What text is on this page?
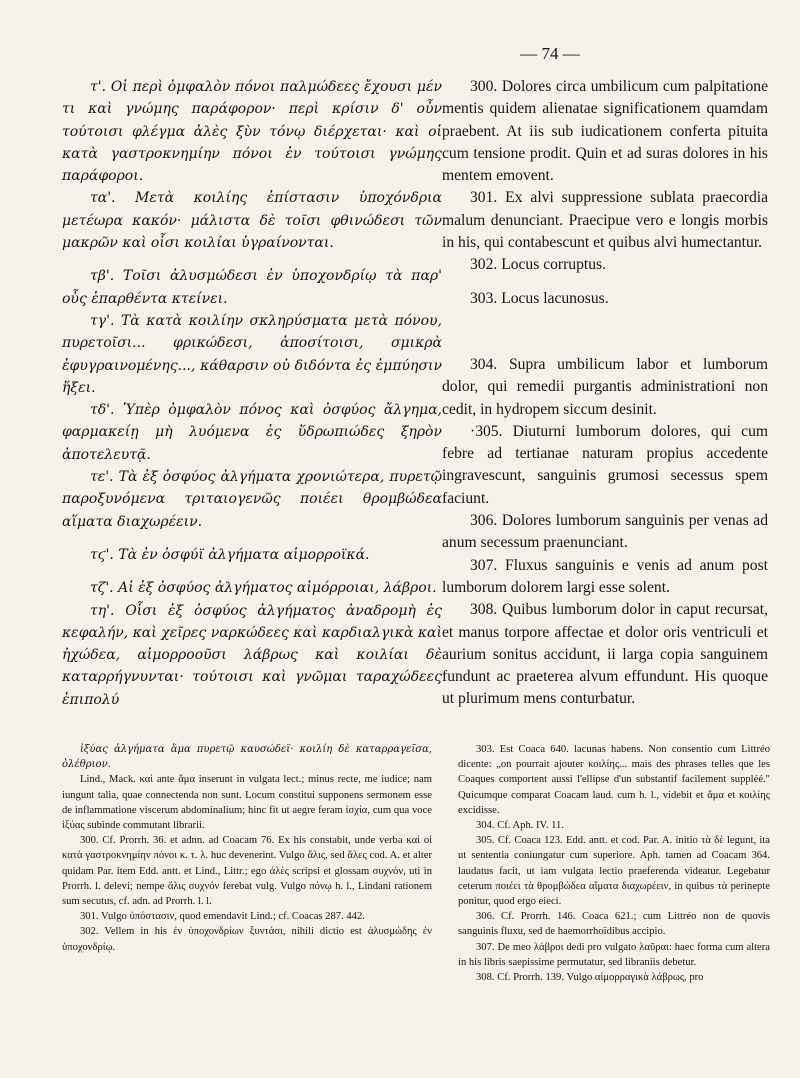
— 74 —

τ'. Οἱ περὶ ὀμφαλὸν πόνοι παλμώδεες ἔχουσι μέν τι καὶ γνώμης παράφορον· περὶ κρίσιν δ' οὖν τούτοισι φλέγμα ἁλὲς ξὺν τόνῳ διέρχεται· καὶ οἱ κατὰ γαστροκνημίην πόνοι ἐν τούτοισι γνώμης παράφοροι.

τα'. Μετὰ κοιλίης ἐπίστασιν ὑποχόνδρια μετέωρα κακόν· μάλιστα δὲ τοῖσι φθινώδεσι τῶν μακρῶν καὶ οἷσι κοιλίαι ὑγραίνονται.

τβ'. Τοῖσι ἀλυσμώδεσι ἐν ὑποχονδρίῳ τὰ παρ' οὖς ἐπαρθέντα κτείνει.

τγ'. Τὰ κατὰ κοιλίην σκληρύσματα μετὰ πόνου, πυρετοῖσι... φρικώδεσι, ἀποσίτοισι, σμικρὰ ἐφυγραινομένης..., κάθαρσιν οὐ διδόντα ἐς ἐμπύησιν ἥξει.

τδ'. Ὑπὲρ ὀμφαλὸν πόνος καὶ ὀσφύος ἄλγημα, φαρμακείῃ μὴ λυόμενα ἐς ὕδρωπιώδες ξηρὸν ἀποτελευτᾷ.

τε'. Τὰ ἐξ ὀσφύος ἀλγήματα χρονιώτερα, πυρετῷ παροξυνόμενα τριταιογενῶς ποιέει θρομβώδεα αἵματα διαχωρέειν.

τϛ'. Τὰ ἐν ὀσφύϊ ἀλγήματα αἱμορροϊκά.

τζ'. Αἱ ἐξ ὀσφύος ἀλγήματος αἱμόρροιαι, λάβροι.

τη'. Οἷσι ἐξ ὀσφύος ἀλγήματος ἀναδρομὴ ἐς κεφαλήν, καὶ χεῖρες ναρκώδεες καὶ καρδιαλγικὰ καὶ ἠχώδεα, αἱμορροοῦσι λάβρως καὶ κοιλίαι δὲ καταρρήγνυνται· τούτοισι καὶ γνῶμαι ταραχώδεες ἐπιπολύ

300. Dolores circa umbilicum cum palpitatione mentis quidem alienatae significationem quamdam praebent. At iis sub iudicationem conferta pituita cum tensione prodit. Quin et ad suras dolores in his mentem emovent.

301. Ex alvi suppressione sublata praecordia malum denunciant. Praecipue vero e longis morbis in his, qui contabescunt et quibus alvi humectantur.

302. Locus corruptus.

303. Locus lacunosus.

304. Supra umbilicum labor et lumborum dolor, qui remedii purgantis administrationi non cedit, in hydropem siccum desinit.

·305. Diuturni lumborum dolores, qui cum febre ad tertianae naturam propius accedente ingravescunt, sanguinis grumosi secessus spem faciunt.

306. Dolores lumborum sanguinis per venas ad anum secessum praenunciant.

307. Fluxus sanguinis e venis ad anum post lumborum dolorem largi esse solent.

308. Quibus lumborum dolor in caput recursat, et manus torpore affectae et dolor oris ventriculi et aurium sonitus accidunt, ii larga copia sanguinem fundunt ac praeterea alvum effundunt. His quoque ut plurimum mens conturbatur.

ἰξύας ἀλγήματα ἅμα πυρετῷ καυσώδεϊ· κοιλίη δὲ καταρραγεῖσα, ὀλέθριον.

Lind., Mack. καὶ ante ἅμα inserunt in vulgata lect.; minus recte, me iudice; nam iungunt talia, quae connectenda non sunt. Locum constitui supponens sermonem esse de inflammatione viscerum abdominalium; hinc fit ut aegre feram ἰσχία, cum qua voce ἰξύας subinde commutant librarii.

300. Cf. Prorrh. 36. et adnn. ad Coacam 76. Ex his constabit, unde verba καὶ οἱ κατὰ γαστροκνημίην πόνοι κ. τ. λ. huc devenerint. Vulgo ἅλις, sed ἅλες cod. A. et alter quidam Par. item Edd. antt. et Lind., Littr.; ego ἁλὲς scripsi et glossam συχνόν, uti in Prorrh. l. delevi; nempe ἅλις συχνόν ferebat vulg. Vulgo πόνῳ h. l., Lindani rationem sum secutus, cf. adn. ad Prorrh. l. l.

301. Vulgo ὑπόστασιν, quod emendavit Lind.; cf. Coacas 287. 442.

302. Vellem in his ἐν ὑποχονδρίων ξυντάσι, nihili dictio est ἀλυσμώδης ἐν ὑποχονδρίῳ.

303. Est Coaca 640. lacunas habens. Non consentio cum Littréo dicente: „on pourrait ajouter κοιλίης... mais des phrases telles que les Coaques comportent aussi l'ellipse d'un substantif facilement suppléé." Quicumque comparat Coacam laud. cum h. l., videbit et ἅμα et κοιλίης excidisse.

304. Cf. Aph. IV. 11.

305. Cf. Coaca 123. Edd. antt. et cod. Par. A. initio τὰ δὲ legunt, ita ut sententia coniungatur cum superiore. Aph. tamen ad Coacam 364. laudatus facit, ut iam vulgata lectio praeferenda videatur. Legebatur ceterum ποιέει τὰ θρομβώδεα αἵματα διαχωρέειν, in quibus τὰ perinepte ponitur, quod ergo eieci.

306. Cf. Prorrh. 146. Coaca 621.; cum Littréo non de quovis sanguinis fluxu, sed de haemorrhoïdibus accipio.

307. De meo λάβροι dedi pro vulgato λαῦραι: haec forma cum altera in his libris saepissime permutatur, sed libraniis debetur.

308. Cf. Prorrh. 139. Vulgo αἱμορραγικὰ λάβρως, pro
